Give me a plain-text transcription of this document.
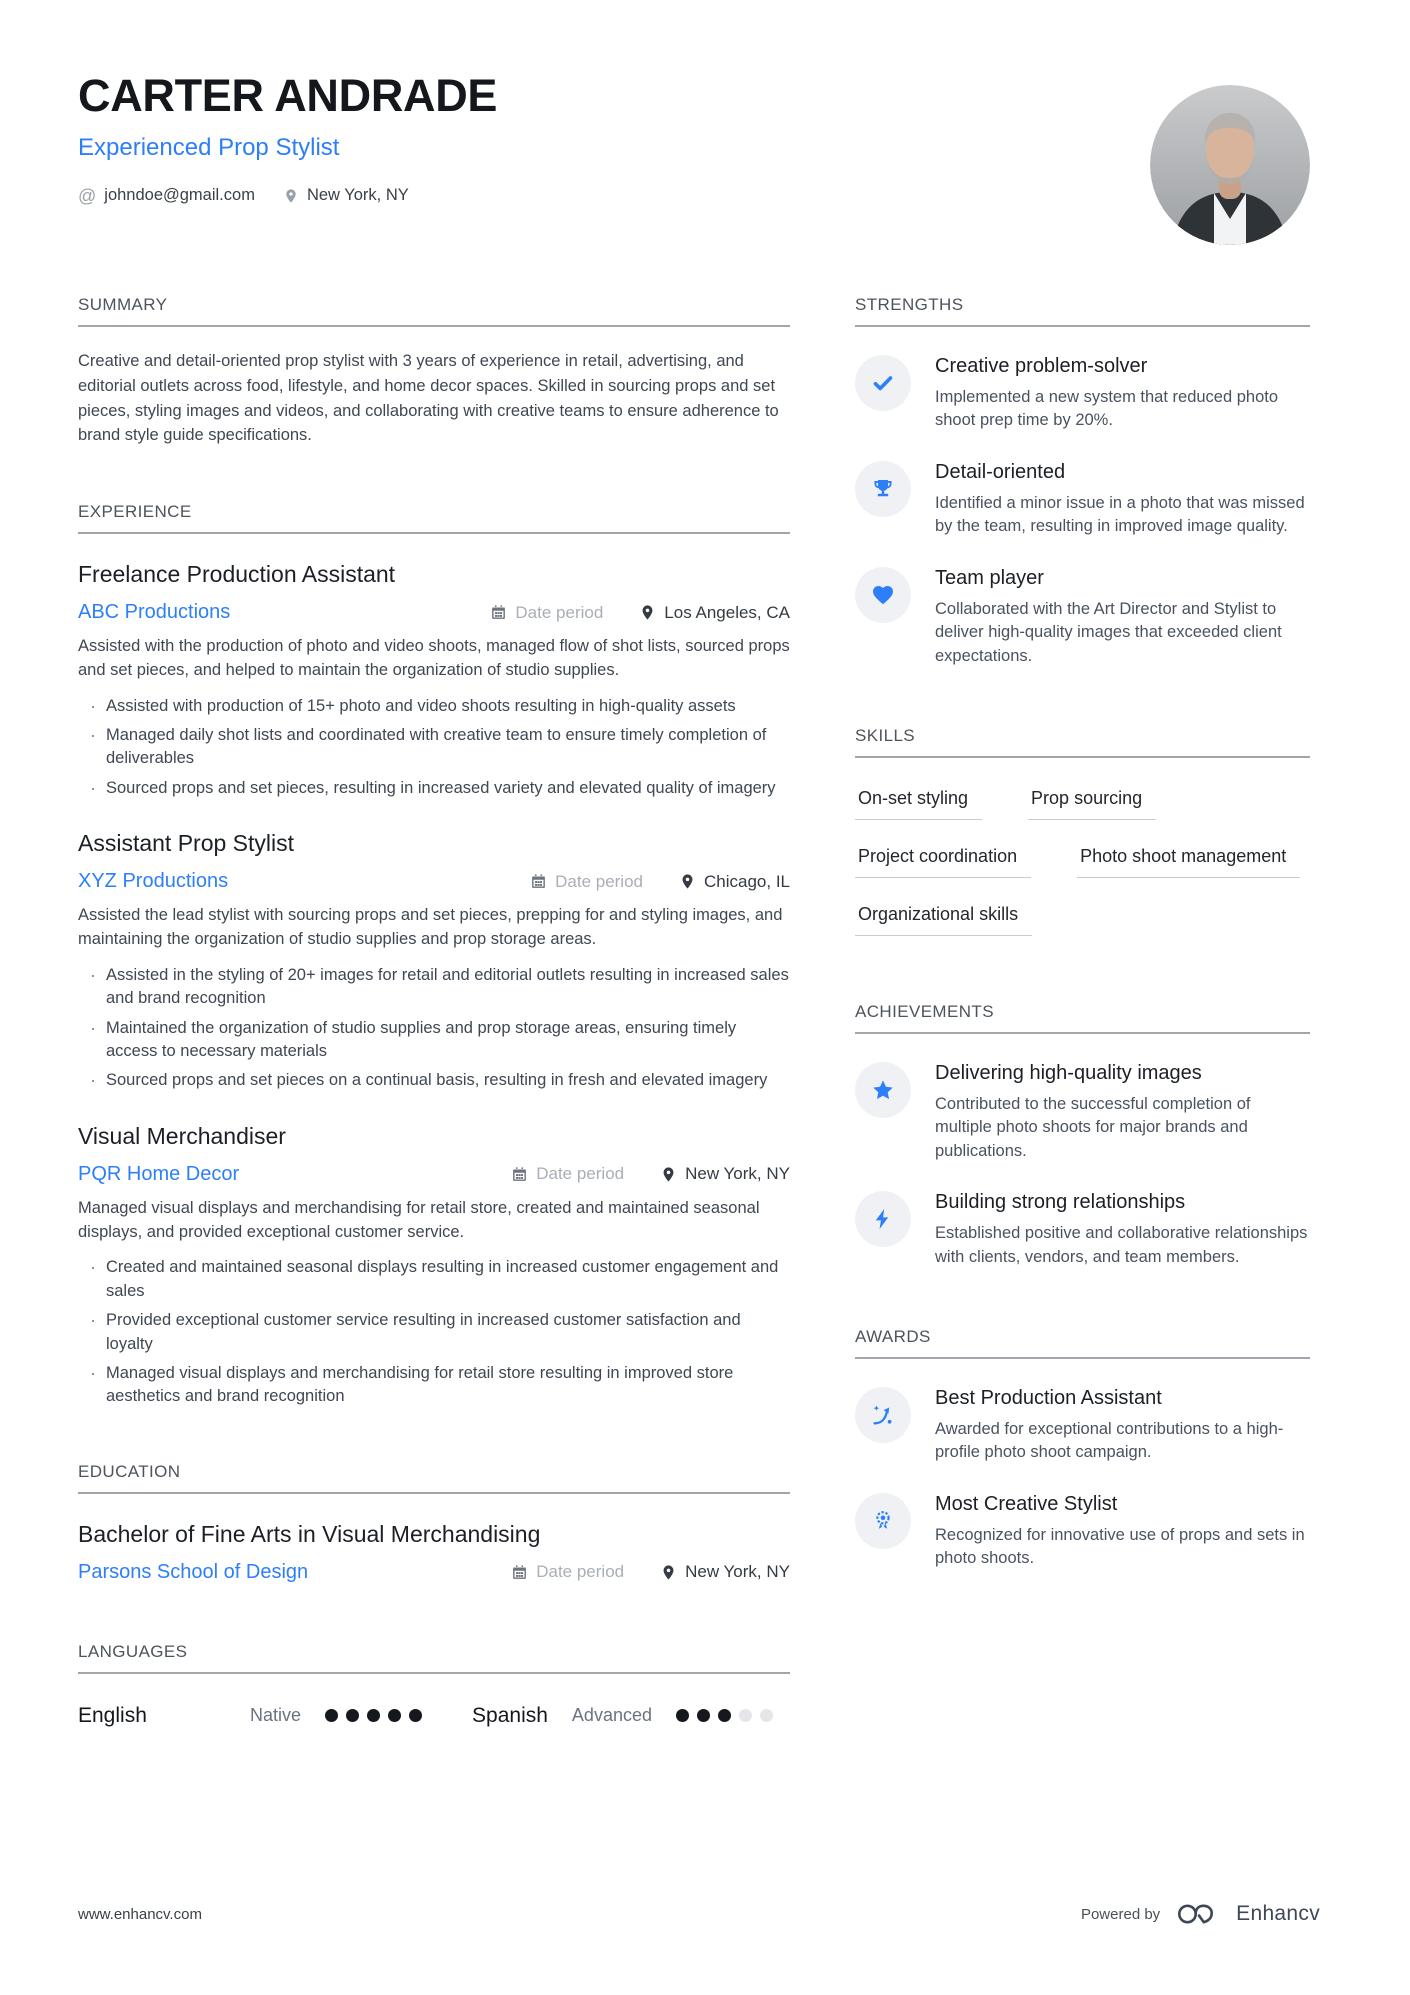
CARTER ANDRADE
Experienced Prop Stylist
@ johndoe@gmail.com	New York, NY
SUMMARY

Creative and detail-oriented prop stylist with 3 years of experience in retail, advertising, and editorial outlets across food, lifestyle, and home decor spaces. Skilled in sourcing props and set pieces, styling images and videos, and collaborating with creative teams to ensure adherence to brand style guide specifications.

EXPERIENCE
Freelance Production Assistant
ABC Productions	Date period	Los Angeles, CA

Assisted with the production of photo and video shoots, managed flow of shot lists, sourced props and set pieces, and helped to maintain the organization of studio supplies.

· Assisted with production of 15+ photo and video shoots resulting in high-quality assets
· Managed daily shot lists and coordinated with creative team to ensure timely completion of deliverables
· Sourced props and set pieces, resulting in increased variety and elevated quality of imagery
Assistant Prop Stylist
XYZ Productions	Date period	Chicago, IL

Assisted the lead stylist with sourcing props and set pieces, prepping for and styling images, and maintaining the organization of studio supplies and prop storage areas.

· Assisted in the styling of 20+ images for retail and editorial outlets resulting in increased sales and brand recognition
· Maintained the organization of studio supplies and prop storage areas, ensuring timely access to necessary materials
· Sourced props and set pieces on a continual basis, resulting in fresh and elevated imagery
Visual Merchandiser
PQR Home Decor	Date period	New York, NY

Managed visual displays and merchandising for retail store, created and maintained seasonal displays, and provided exceptional customer service.

· Created and maintained seasonal displays resulting in increased customer engagement and sales
· Provided exceptional customer service resulting in increased customer satisfaction and loyalty
· Managed visual displays and merchandising for retail store resulting in improved store aesthetics and brand recognition
EDUCATION
Bachelor of Fine Arts in Visual Merchandising
Parsons School of Design	Date period	New York, NY
LANGUAGES
English	Native	Spanish Advanced
STRENGTHS
Creative problem-solver

Implemented a new system that reduced photo shoot prep time by 20%.

Detail-oriented

Identified a minor issue in a photo that was missed by the team, resulting in improved image quality.

Team player

Collaborated with the Art Director and Stylist to deliver high-quality images that exceeded client expectations.

SKILLS
On-set styling	Prop sourcing
Project coordination	Photo shoot management
Organizational skills
ACHIEVEMENTS
Delivering high-quality images

Contributed to the successful completion of multiple photo shoots for major brands and publications.

Building strong relationships

Established positive and collaborative relationships with clients, vendors, and team members.

AWARDS
Best Production Assistant

Awarded for exceptional contributions to a high-profile photo shoot campaign.

Most Creative Stylist

Recognized for innovative use of props and sets in photo shoots.

www.enhancv.com	Powered by	Enhancv
